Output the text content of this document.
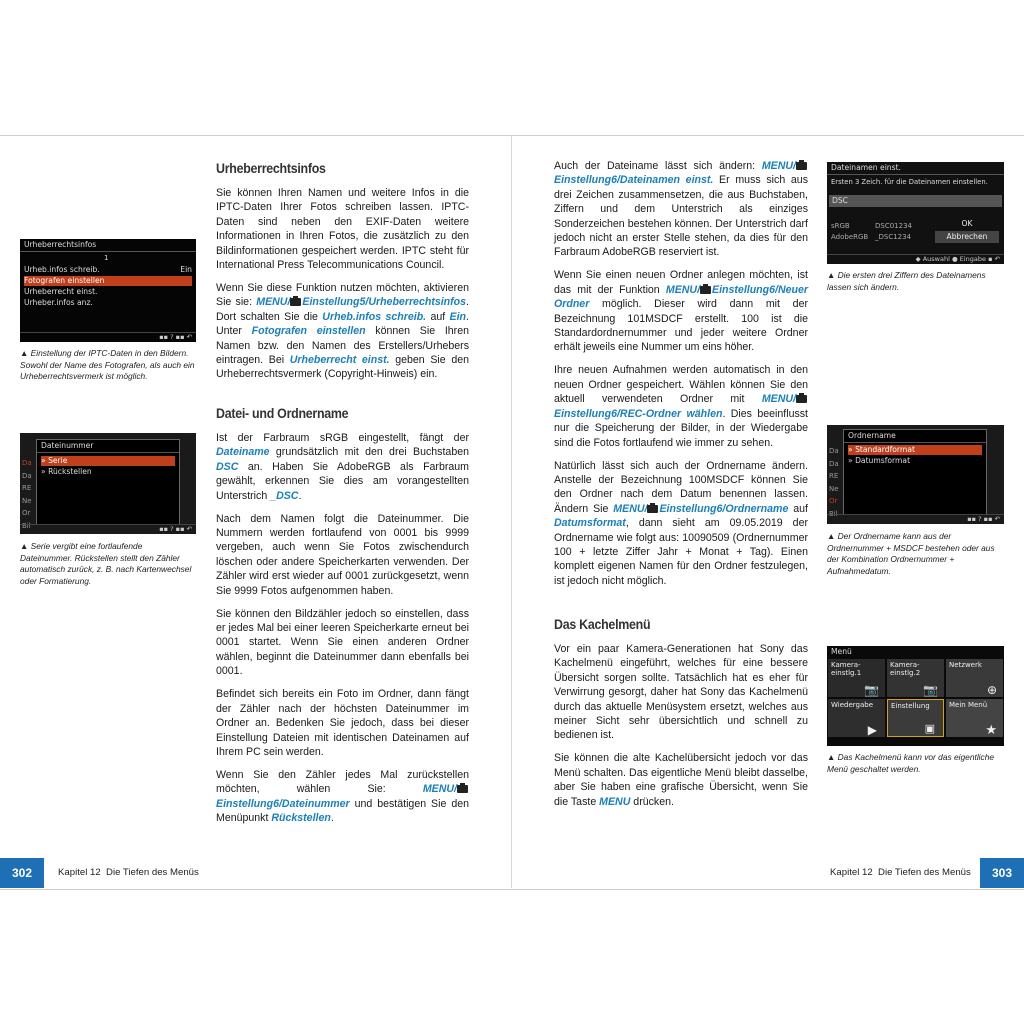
Urheberrechtsinfos
1
Urheb.infos schreib.	Ein
Fotografen einstellen
Urheberrecht einst.
Urheber.infos anz.
▪▪ ? ▪▪ ↶
▲ Einstellung der IPTC-Daten in den Bildern. Sowohl der Name des Fotografen, als auch ein Urheberrechtsvermerk ist möglich.
Da
Da
RE
Ne
Or
Bil
Dateinummer
» Serie
» Rückstellen
▪▪ ? ▪▪ ↶
▲ Serie vergibt eine fortlaufende Dateinummer. Rückstellen stellt den Zähler automatisch zurück, z. B. nach Kartenwechsel oder Formatierung.
Urheberrechtsinfos

Sie können Ihren Namen und weitere Infos in die IPTC-Daten Ihrer Fotos schreiben lassen. IPTC-Daten sind neben den EXIF-Daten weitere Informationen in Ihren Fotos, die zusätzlich zu den Bildinformationen gespeichert werden. IPTC steht für International Press Telecommunications Council.

Wenn Sie diese Funktion nutzen möchten, aktivieren Sie sie: MENU/ Einstellung5/Urheberrechtsinfos. Dort schalten Sie die Urheb.infos schreib. auf Ein. Unter Fotografen einstellen können Sie Ihren Namen bzw. den Namen des Erstellers/Urhebers eintragen. Bei Urheberrecht einst. geben Sie den Urheberrechtsvermerk (Copyright-Hinweis) ein.

Datei- und Ordnername

Ist der Farbraum sRGB eingestellt, fängt der Dateiname grundsätzlich mit den drei Buchstaben DSC an. Haben Sie AdobeRGB als Farbraum gewählt, erkennen Sie dies am vorangestellten Unterstrich _DSC.

Nach dem Namen folgt die Dateinummer. Die Nummern werden fortlaufend von 0001 bis 9999 vergeben, auch wenn Sie Fotos zwischendurch löschen oder andere Speicherkarten verwenden. Der Zähler wird erst wieder auf 0001 zurückgesetzt, wenn Sie 9999 Fotos aufgenommen haben.

Sie können den Bildzähler jedoch so einstellen, dass er jedes Mal bei einer leeren Speicherkarte erneut bei 0001 startet. Wenn Sie einen anderen Ordner wählen, beginnt die Dateinummer dann ebenfalls bei 0001.

Befindet sich bereits ein Foto im Ordner, dann fängt der Zähler nach der höchsten Dateinummer im Ordner an. Bedenken Sie jedoch, dass bei dieser Einstellung Dateien mit identischen Dateinamen auf Ihrem PC sein werden.

Wenn Sie den Zähler jedes Mal zurückstellen möchten, wählen Sie: MENU/Einstellung6/Dateinummer und bestätigen Sie den Menüpunkt Rückstellen.

302	Kapitel 12 Die Tiefen des Menüs

Auch der Dateiname lässt sich ändern: MENU/Einstellung6/Dateinamen einst. Er muss sich aus drei Zeichen zusammensetzen, die aus Buchstaben, Ziffern und dem Unterstrich als einziges Sonderzeichen bestehen können. Der Unterstrich darf jedoch nicht an erster Stelle stehen, da dies für den Farbraum AdobeRGB reserviert ist.

Wenn Sie einen neuen Ordner anlegen möchten, ist das mit der Funktion MENU/ Einstellung6/Neuer Ordner möglich. Dieser wird dann mit der Bezeichnung 101MSDCF erstellt. 100 ist die Standardordnernummer und jeder weitere Ordner erhält jeweils eine Nummer um eins höher.

Ihre neuen Aufnahmen werden automatisch in den neuen Ordner gespeichert. Wählen können Sie den aktuell verwendeten Ordner mit MENU/Einstellung6/REC-Ordner wählen. Dies beeinflusst nur die Speicherung der Bilder, in der Wiedergabe sind die Fotos fortlaufend wie immer zu sehen.

Natürlich lässt sich auch der Ordnername ändern. Anstelle der Bezeichnung 100MSDCF können Sie den Ordner nach dem Datum benennen lassen. Ändern Sie MENU/ Einstellung6/Ordnername auf Datumsformat, dann sieht am 09.05.2019 der Ordnername wie folgt aus: 10090509 (Ordnernummer 100 + letzte Ziffer Jahr + Monat + Tag). Einen komplett eigenen Namen für den Ordner festzulegen, ist jedoch nicht möglich.

Das Kachelmenü

Vor ein paar Kamera-Generationen hat Sony das Kachelmenü eingeführt, welches für eine bessere Übersicht sorgen sollte. Tatsächlich hat es eher für Verwirrung gesorgt, daher hat Sony das Kachelmenü durch das aktuelle Menüsystem ersetzt, welches aus meiner Sicht sehr übersichtlich und schnell zu bedienen ist.

Sie können die alte Kachelübersicht jedoch vor das Menü schalten. Das eigentliche Menü bleibt dasselbe, aber Sie haben eine grafische Übersicht, wenn Sie die Taste MENU drücken.

Dateinamen einst.
Ersten 3 Zeich. für die Dateinamen einstellen.
DSC
sRGB	DSC01234
AdobeRGB _DSC1234
OK
Abbrechen
◆ Auswahl ● Eingabe ▪ ↶
▲ Die ersten drei Ziffern des Dateinamens lassen sich ändern.
Da
Da
RE
Ne
Or
Bil
Ordnername
» Standardformat
» Datumsformat
▪▪ ? ▪▪ ↶
▲ Der Ordnername kann aus der Ordnernummer + MSDCF bestehen oder aus der Kombination Ordnernummer + Aufnahmedatum.
Menü
Kamera-einstlg.1
📷
Kamera-einstlg.2
📷
Netzwerk
⊕
Wiedergabe
▶
Einstellung
▣
Mein Menü
★
▲ Das Kachelmenü kann vor das eigentliche Menü geschaltet werden.
Kapitel 12 Die Tiefen des Menüs	303
